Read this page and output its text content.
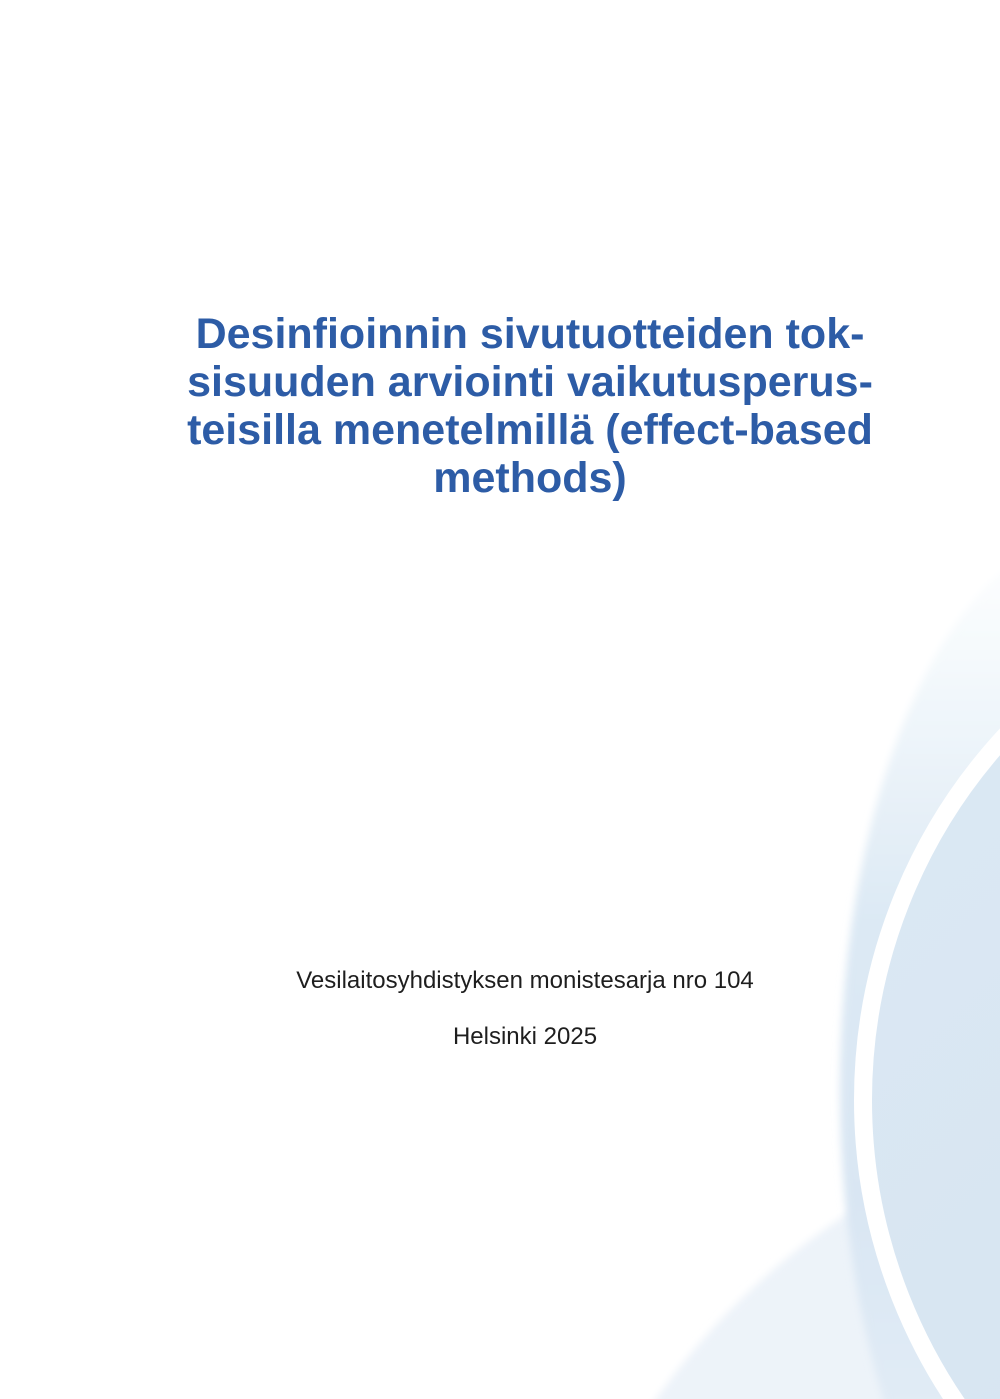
Desinfioinnin sivutuotteiden tok-
sisuuden arviointi vaikutusperus-
teisilla menetelmillä (effect-based
methods)
Vesilaitosyhdistyksen monistesarja nro 104
Helsinki 2025
